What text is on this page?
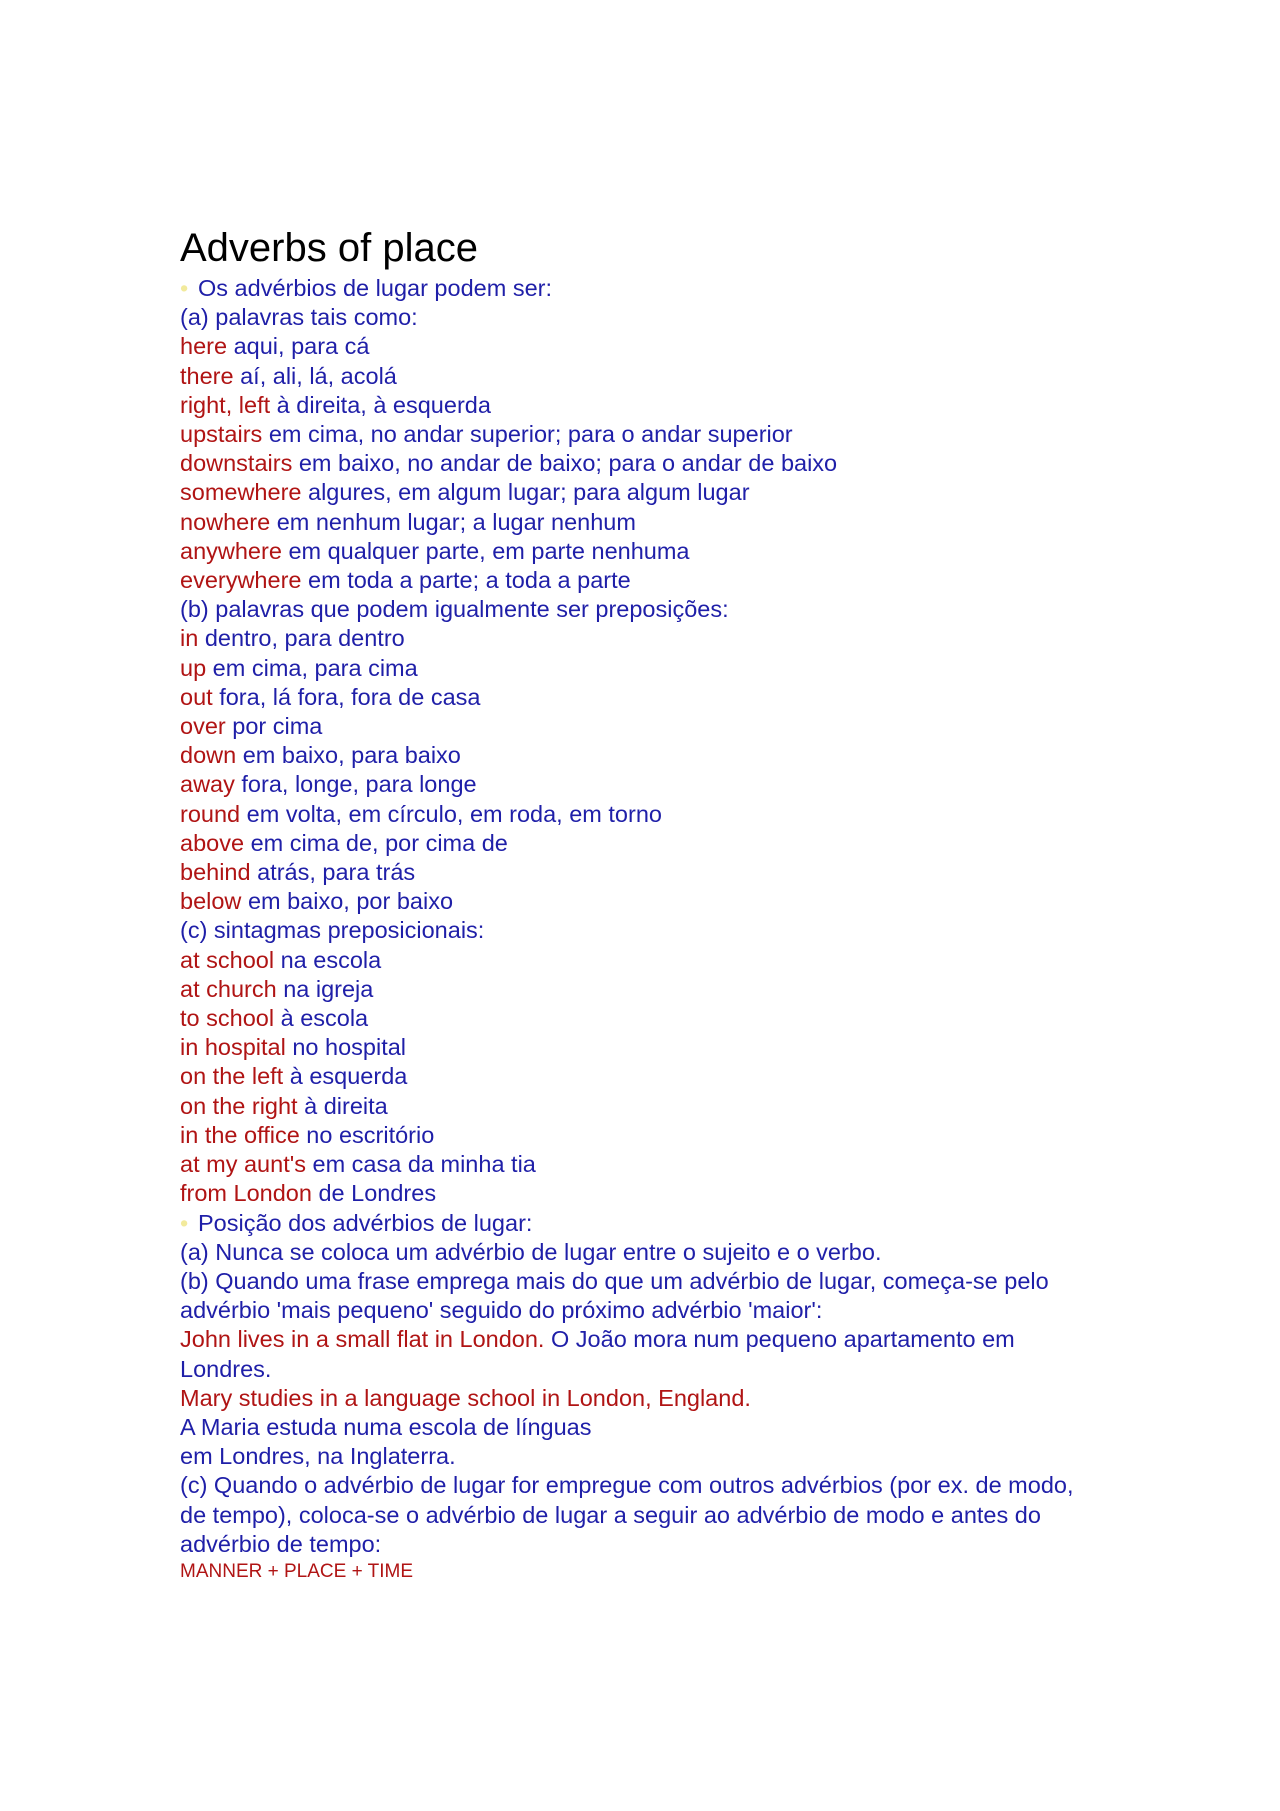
Adverbs of place
• Os advérbios de lugar podem ser:
(a) palavras tais como:
here aqui, para cá
there aí, ali, lá, acolá
right, left à direita, à esquerda
upstairs em cima, no andar superior; para o andar superior
downstairs em baixo, no andar de baixo; para o andar de baixo
somewhere algures, em algum lugar; para algum lugar
nowhere em nenhum lugar; a lugar nenhum
anywhere em qualquer parte, em parte nenhuma
everywhere em toda a parte; a toda a parte
(b) palavras que podem igualmente ser preposições:
in dentro, para dentro
up em cima, para cima
out fora, lá fora, fora de casa
over por cima
down em baixo, para baixo
away fora, longe, para longe
round em volta, em círculo, em roda, em torno
above em cima de, por cima de
behind atrás, para trás
below em baixo, por baixo
(c) sintagmas preposicionais:
at school na escola
at church na igreja
to school à escola
in hospital no hospital
on the left à esquerda
on the right à direita
in the office no escritório
at my aunt's em casa da minha tia
from London de Londres
• Posição dos advérbios de lugar:
(a) Nunca se coloca um advérbio de lugar entre o sujeito e o verbo.
(b) Quando uma frase emprega mais do que um advérbio de lugar, começa-se pelo advérbio 'mais pequeno' seguido do próximo advérbio 'maior':
John lives in a small flat in London. O João mora num pequeno apartamento em Londres.
Mary studies in a language school in London, England.
A Maria estuda numa escola de línguas
em Londres, na Inglaterra.
(c) Quando o advérbio de lugar for empregue com outros advérbios (por ex. de modo, de tempo), coloca-se o advérbio de lugar a seguir ao advérbio de modo e antes do advérbio de tempo:
MANNER + PLACE + TIME
